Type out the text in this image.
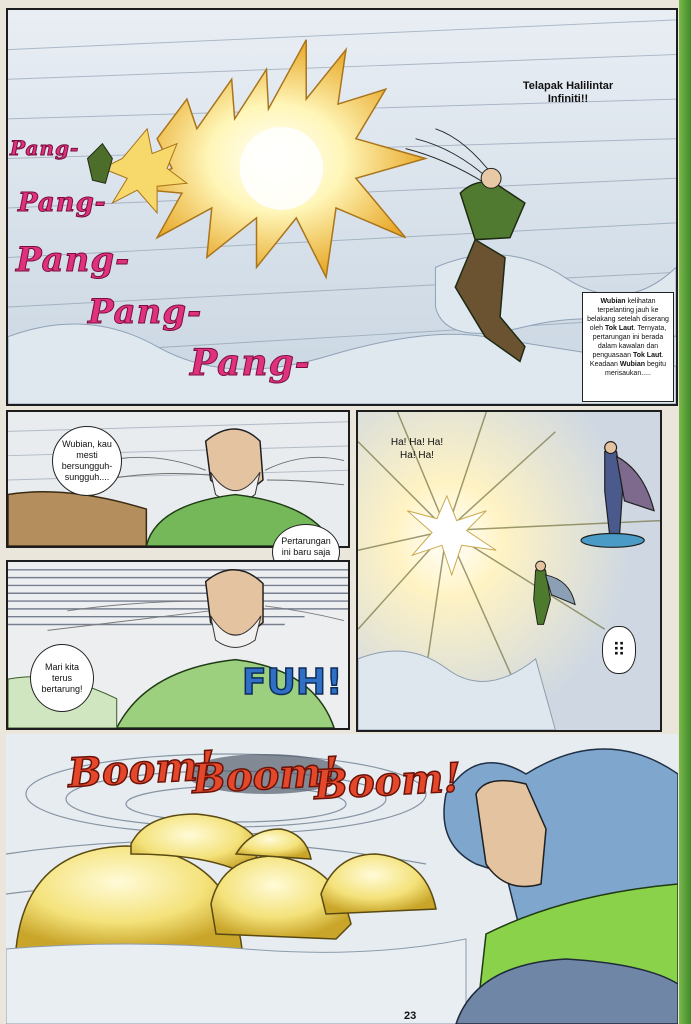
Telapak Halilintar Infiniti!!
Pang-
Pang-
Pang-
Pang-
Pang-
Wubian kelihatan terpelanting jauh ke belakang setelah diserang oleh Tok Laut. Ternyata, pertarungan ini berada dalam kawalan dan penguasaan Tok Laut. Keadaan Wubian begitu merisaukan.....
Wubian, kau mesti bersungguh-sungguh....
Pertarungan ini baru saja
Ha! Ha! Ha! Ha! Ha!
⠿
Mari kita terus bertarung!	FUH!
Boom!
Boom!
Boom!
23
